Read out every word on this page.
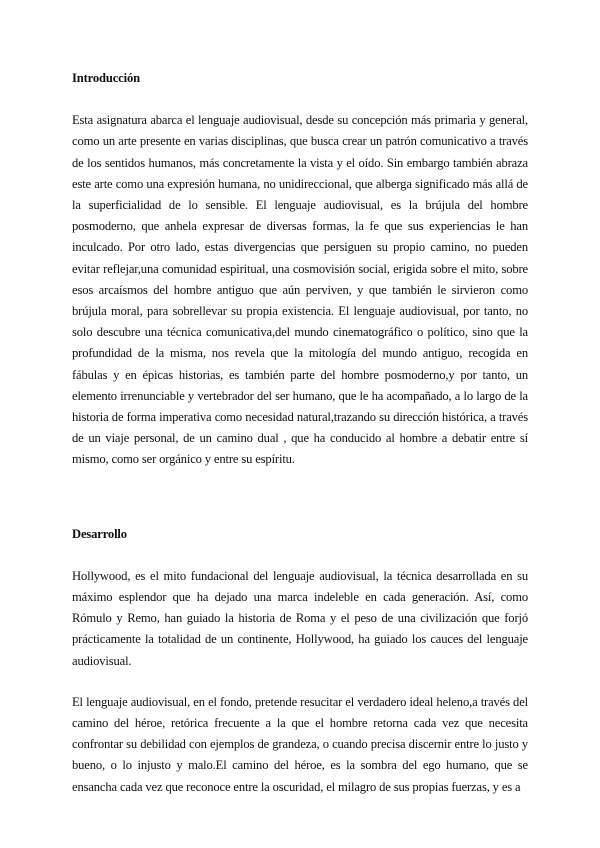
Introducción

Esta asignatura abarca el lenguaje audiovisual, desde su concepción más primaria y general, como un arte presente en varias disciplinas, que busca crear un patrón comunicativo a través de los sentidos humanos, más concretamente la vista y el oído. Sin embargo también abraza este arte como una expresión humana, no unidireccional, que alberga significado más allá de la superficialidad de lo sensible. El lenguaje audiovisual, es la brújula del hombre posmoderno, que anhela expresar de diversas formas, la fe que sus experiencias le han inculcado. Por otro lado, estas divergencias que persiguen su propio camino, no pueden evitar reflejar,una comunidad espiritual, una cosmovisión social, erigida sobre el mito, sobre esos arcaísmos del hombre antiguo que aún perviven, y que también le sirvieron como brújula moral, para sobrellevar su propia existencia. El lenguaje audiovisual, por tanto, no solo descubre una técnica comunicativa,del mundo cinematográfico o político, sino que la profundidad de la misma, nos revela que la mitología del mundo antiguo, recogida en fábulas y en épicas historias, es también parte del hombre posmoderno,y por tanto, un elemento irrenunciable y vertebrador del ser humano, que le ha acompañado, a lo largo de la historia de forma imperativa como necesidad natural,trazando su dirección histórica, a través de un viaje personal, de un camino dual , que ha conducido al hombre a debatir entre sí mismo, como ser orgánico y entre su espíritu.

Desarrollo

Hollywood, es el mito fundacional del lenguaje audiovisual, la técnica desarrollada en su máximo esplendor que ha dejado una marca indeleble en cada generación. Así, como Rómulo y Remo, han guiado la historia de Roma y el peso de una civilización que forjó prácticamente la totalidad de un continente, Hollywood, ha guiado los cauces del lenguaje audiovisual.

El lenguaje audiovisual, en el fondo, pretende resucitar el verdadero ideal heleno,a través del camino del héroe, retórica frecuente a la que el hombre retorna cada vez que necesita confrontar su debilidad con ejemplos de grandeza, o cuando precisa discernir entre lo justo y bueno, o lo injusto y malo.El camino del héroe, es la sombra del ego humano, que se ensancha cada vez que reconoce entre la oscuridad, el milagro de sus propias fuerzas, y es a
